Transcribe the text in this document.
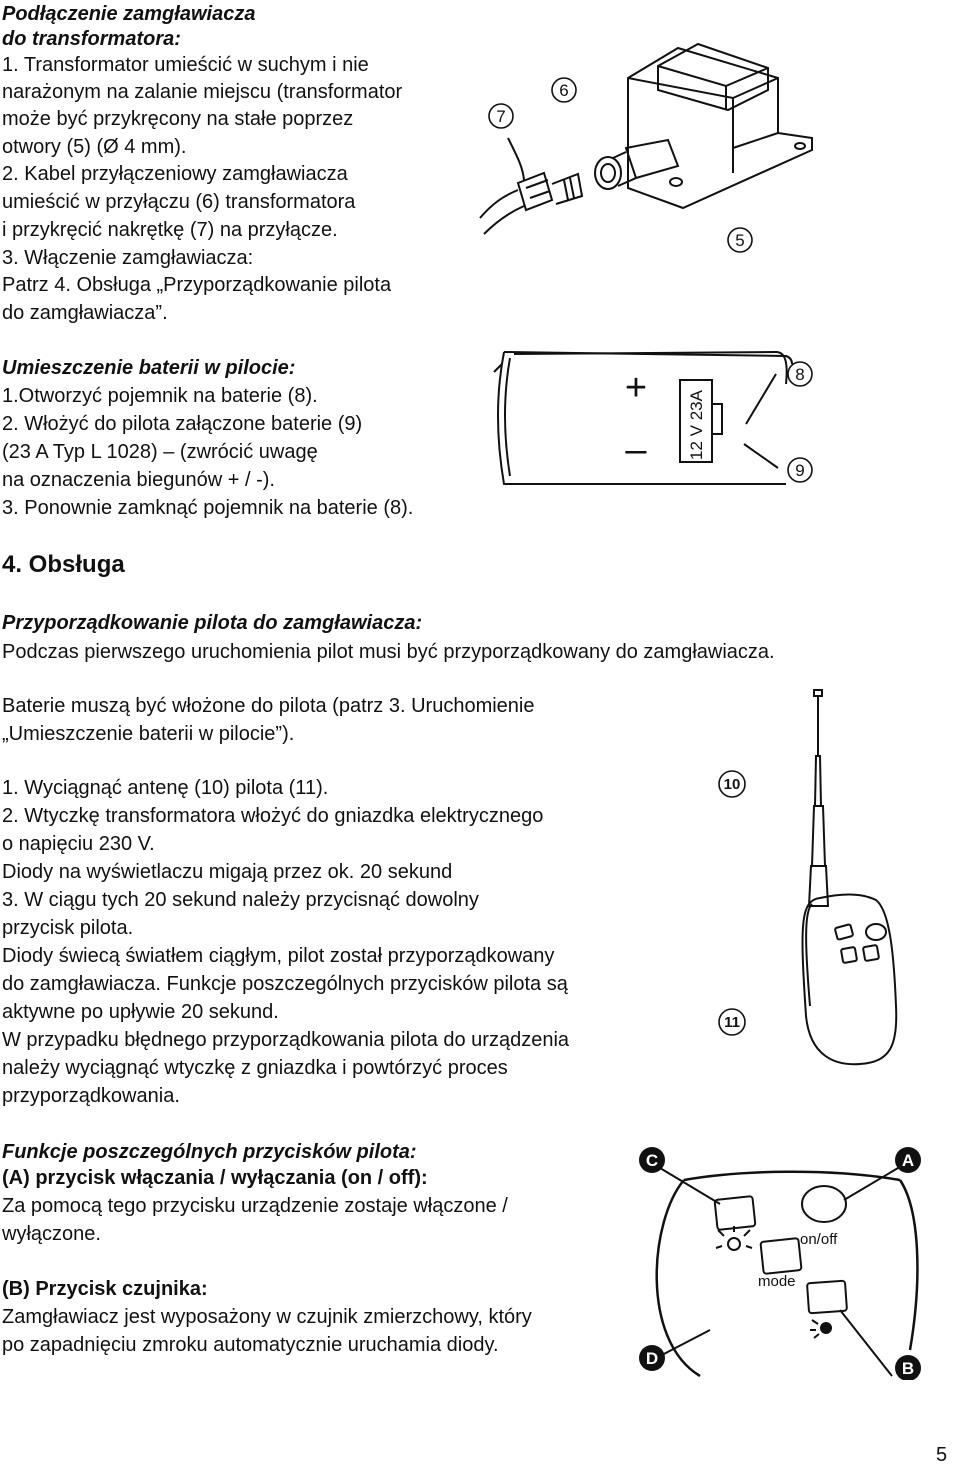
Podłączenie zamgławiacza

do transformatora:

1. Transformator umieścić w suchym i nie

narażonym na zalanie miejscu (transformator

może być przykręcony na stałe poprzez

otwory (5) (Ø 4 mm).

2. Kabel przyłączeniowy zamgławiacza

umieścić w przyłączu (6) transformatora

i przykręcić nakrętkę (7) na przyłącze.

3. Włączenie zamgławiacza:

Patrz 4. Obsługa „Przyporządkowanie pilota

do zamgławiacza”.

7
6
5

Umieszczenie baterii w pilocie:

1.Otworzyć pojemnik na baterie (8).

2. Włożyć do pilota załączone baterie (9)

(23 A Typ L 1028) – (zwrócić uwagę

na oznaczenia biegunów + / -).

3. Ponownie zamknąć pojemnik na baterie (8).

+
– 12 V 23A
8
9

4. Obsługa

Przyporządkowanie pilota do zamgławiacza:

Podczas pierwszego uruchomienia pilot musi być przyporządkowany do zamgławiacza.

Baterie muszą być włożone do pilota (patrz 3. Uruchomienie

„Umieszczenie baterii w pilocie”).

1. Wyciągnąć antenę (10) pilota (11).

2. Wtyczkę transformatora włożyć do gniazdka elektrycznego

o napięciu 230 V.

Diody na wyświetlaczu migają przez ok. 20 sekund

3. W ciągu tych 20 sekund należy przycisnąć dowolny

przycisk pilota.

Diody świecą światłem ciągłym, pilot został przyporządkowany

do zamgławiacza. Funkcje poszczególnych przycisków pilota są

aktywne po upływie 20 sekund.

W przypadku błędnego przyporządkowania pilota do urządzenia

należy wyciągnąć wtyczkę z gniazdka i powtórzyć proces

przyporządkowania.

10
11

Funkcje poszczególnych przycisków pilota:

(A) przycisk włączania / wyłączania (on / off):

Za pomocą tego przycisku urządzenie zostaje włączone /

wyłączone.

(B) Przycisk czujnika:

Zamgławiacz jest wyposażony w czujnik zmierzchowy, który

po zapadnięciu zmroku automatycznie uruchamia diody.

C	A
D
B
on/off
mode
5
